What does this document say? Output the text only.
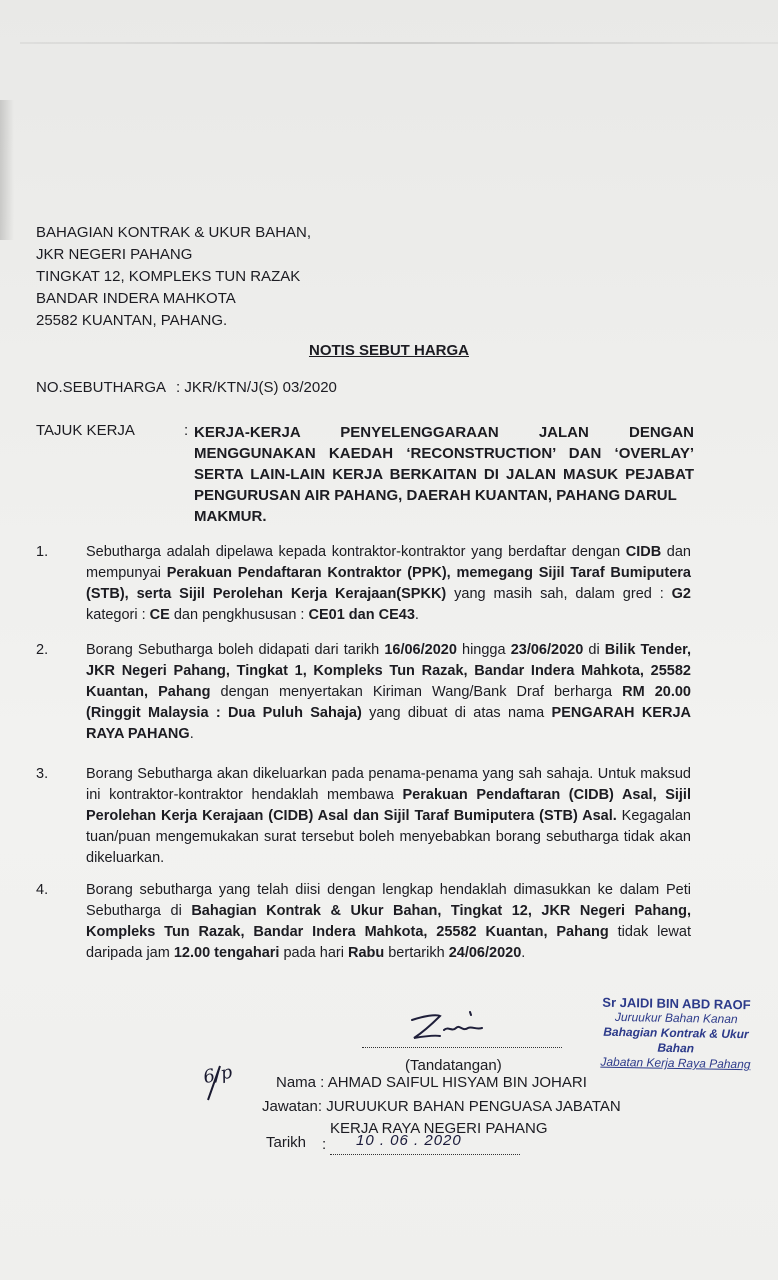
BAHAGIAN KONTRAK & UKUR BAHAN,
JKR NEGERI PAHANG
TINGKAT 12, KOMPLEKS TUN RAZAK
BANDAR INDERA MAHKOTA
25582 KUANTAN, PAHANG.
NOTIS SEBUT HARGA
NO.SEBUTHARGA : JKR/KTN/J(S) 03/2020
TAJUK KERJA	: KERJA-KERJA PENYELENGGARAAN JALAN DENGAN MENGGUNAKAN KAEDAH ‘RECONSTRUCTION’ DAN ‘OVERLAY’ SERTA LAIN-LAIN KERJA BERKAITAN DI JALAN MASUK PEJABAT PENGURUSAN AIR PAHANG, DAERAH KUANTAN, PAHANG DARUL
MAKMUR.
1.	Sebutharga adalah dipelawa kepada kontraktor-kontraktor yang berdaftar dengan CIDB dan mempunyai Perakuan Pendaftaran Kontraktor (PPK), memegang Sijil Taraf Bumiputera (STB), serta Sijil Perolehan Kerja Kerajaan(SPKK) yang masih sah, dalam gred : G2 kategori : CE dan pengkhususan : CE01 dan CE43.
2.	Borang Sebutharga boleh didapati dari tarikh 16/06/2020 hingga 23/06/2020 di Bilik Tender, JKR Negeri Pahang, Tingkat 1, Kompleks Tun Razak, Bandar Indera Mahkota, 25582 Kuantan, Pahang dengan menyertakan Kiriman Wang/Bank Draf berharga RM 20.00 (Ringgit Malaysia : Dua Puluh Sahaja) yang dibuat di atas nama PENGARAH KERJA RAYA PAHANG.
3.	Borang Sebutharga akan dikeluarkan pada penama-penama yang sah sahaja. Untuk maksud ini kontraktor-kontraktor hendaklah membawa Perakuan Pendaftaran (CIDB) Asal, Sijil Perolehan Kerja Kerajaan (CIDB) Asal dan Sijil Taraf Bumiputera (STB) Asal. Kegagalan tuan/puan mengemukakan surat tersebut boleh menyebabkan borang sebutharga tidak akan dikeluarkan.
4.	Borang sebutharga yang telah diisi dengan lengkap hendaklah dimasukkan ke dalam Peti Sebutharga di Bahagian Kontrak & Ukur Bahan, Tingkat 12, JKR Negeri Pahang, Kompleks Tun Razak, Bandar Indera Mahkota, 25582 Kuantan, Pahang tidak lewat daripada jam 12.00 tengahari pada hari Rabu bertarikh 24/06/2020.
Sr JAIDI BIN ABD RAOF
Juruukur Bahan Kanan
Bahagian Kontrak & Ukur Bahan
Jabatan Kerja Raya Pahang
(Tandatangan)
6/p	Nama : AHMAD SAIFUL HISYAM BIN JOHARI
Jawatan: JURUUKUR BAHAN PENGUASA JABATAN
KERJA RAYA NEGERI PAHANG
Tarikh : 10 . 06 . 2020
